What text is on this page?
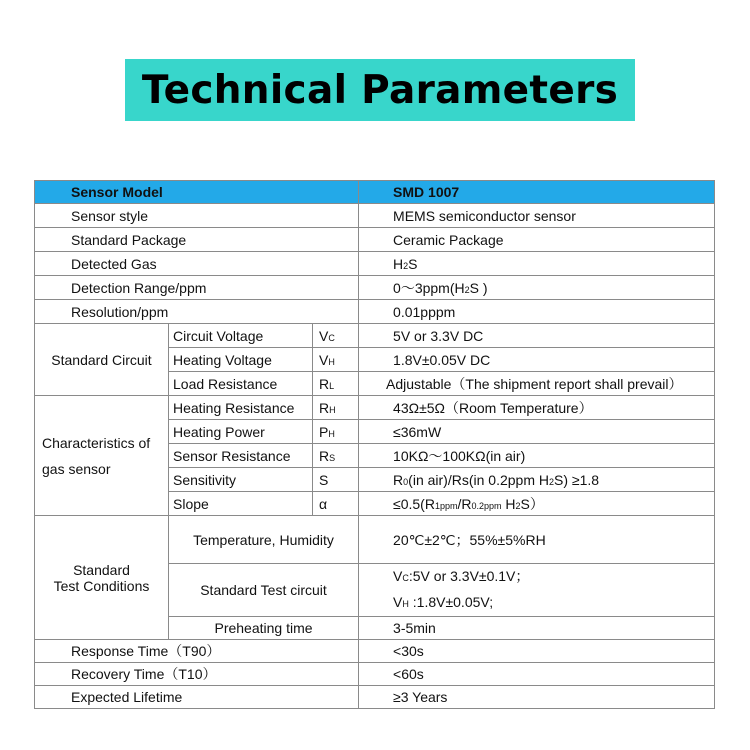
Technical Parameters
Sensor Model			SMD 1007
Sensor style			MEMS semiconductor sensor
Standard Package			Ceramic Package
Detected Gas			H2S
Detection Range/ppm			0～3ppm(H2S )
Resolution/ppm			0.01pppm
Standard Circuit	Circuit Voltage	VC	5V or 3.3V DC
	Heating Voltage	VH	1.8V±0.05V DC
	Load Resistance	RL	Adjustable（The shipment report shall prevail）
Characteristics of
gas sensor	Heating Resistance	RH	43Ω±5Ω（Room Temperature）
	Heating Power	PH	≤36mW
	Sensor Resistance	RS	10KΩ～100KΩ(in air)
	Sensitivity	S	R0(in air)/Rs(in 0.2ppm H2S) ≥1.8
	Slope	α	≤0.5(R1ppm/R0.2ppm H2S）
Standard
Test Conditions	Temperature, Humidity		20℃±2℃；55%±5%RH
	Standard Test circuit		VC:5V or 3.3V±0.1V；
VH :1.8V±0.05V;
	Preheating time		3-5min
Response Time（T90）			<30s
Recovery Time（T10）			<60s
Expected Lifetime			≥3 Years
